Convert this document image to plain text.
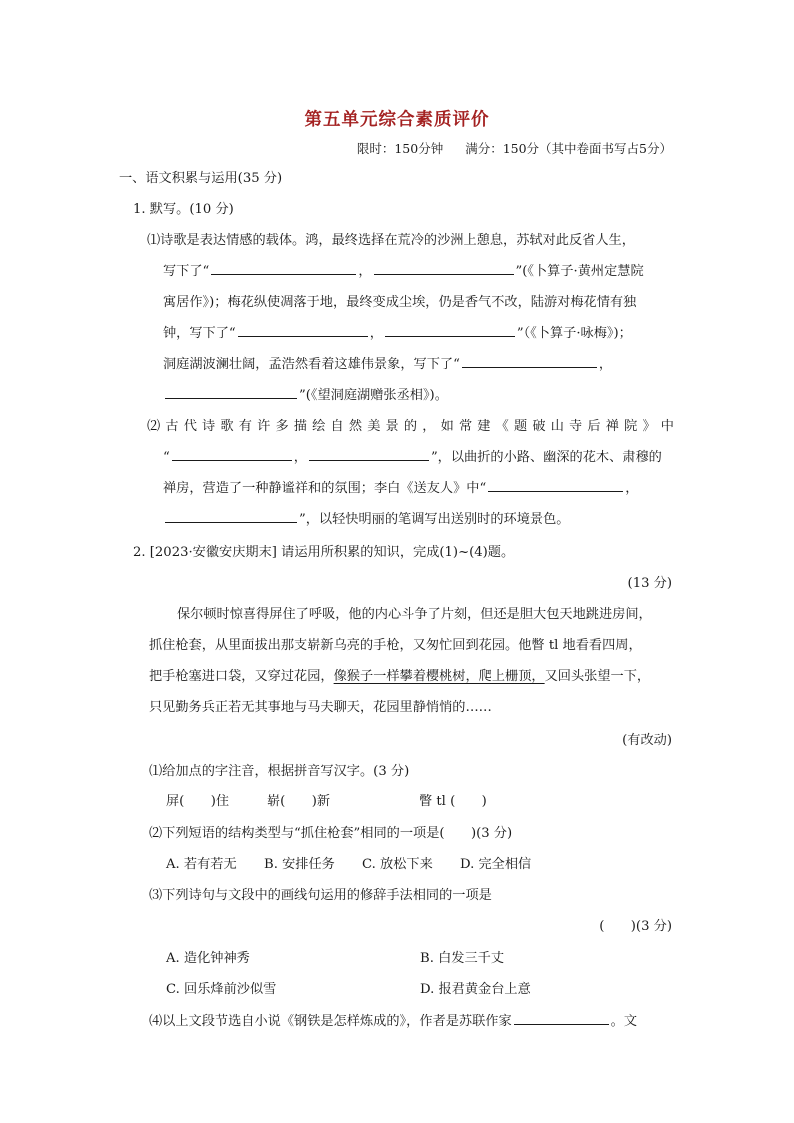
第五单元综合素质评价
限时：150分钟 满分：150分（其中卷面书写占5分）
一、语文积累与运用(35 分)
1. 默写。(10 分)
⑴诗歌是表达情感的载体。鸿，最终选择在荒冷的沙洲上憩息，苏轼对此反省人生，
写下了“	，	”(《卜算子·黄州定慧院
寓居作》)；梅花纵使凋落于地，最终变成尘埃，仍是香气不改，陆游对梅花情有独
钟，写下了“	，	”（《卜算子·咏梅》)；
洞庭湖波澜壮阔，孟浩然看着这雄伟景象，写下了“	，
”(《望洞庭湖赠张丞相》)。
⑵古代诗歌有许多描绘自然美景的，如常建《题破山寺后禅院》中
“	，	”，以曲折的小路、幽深的花木、肃穆的
禅房，营造了一种静谧祥和的氛围；李白《送友人》中“	，
”，以轻快明丽的笔调写出送别时的环境景色。
2. [2023·安徽安庆期末] 请运用所积累的知识，完成(1)~(4)题。
(13 分)
保尔顿时惊喜得屏住了呼吸，他的内心斗争了片刻，但还是胆大包天地跳进房间，
抓住枪套，从里面拔出那支崭新乌亮的手枪，又匆忙回到花园。他瞥 tl 地看看四周，
把手枪塞进口袋，又穿过花园，像猴子一样攀着樱桃树，爬上栅顶，又回头张望一下，
只见勤务兵正若无其事地与马夫聊天，花园里静悄悄的……
(有改动)
⑴给加点的字注音，根据拼音写汉字。(3 分)
屏(　　)住	崭(　　)新	瞥 tl (　　)
⑵下列短语的结构类型与“抓住枪套”相同的一项是(　　)(3 分)
A. 若有若无 B. 安排任务 C. 放松下来 D. 完全相信
⑶下列诗句与文段中的画线句运用的修辞手法相同的一项是
(　　)(3 分)
A. 造化钟神秀	B. 白发三千丈
C. 回乐烽前沙似雪	D. 报君黄金台上意
⑷以上文段节选自小说《钢铁是怎样炼成的》，作者是苏联作家	。文
